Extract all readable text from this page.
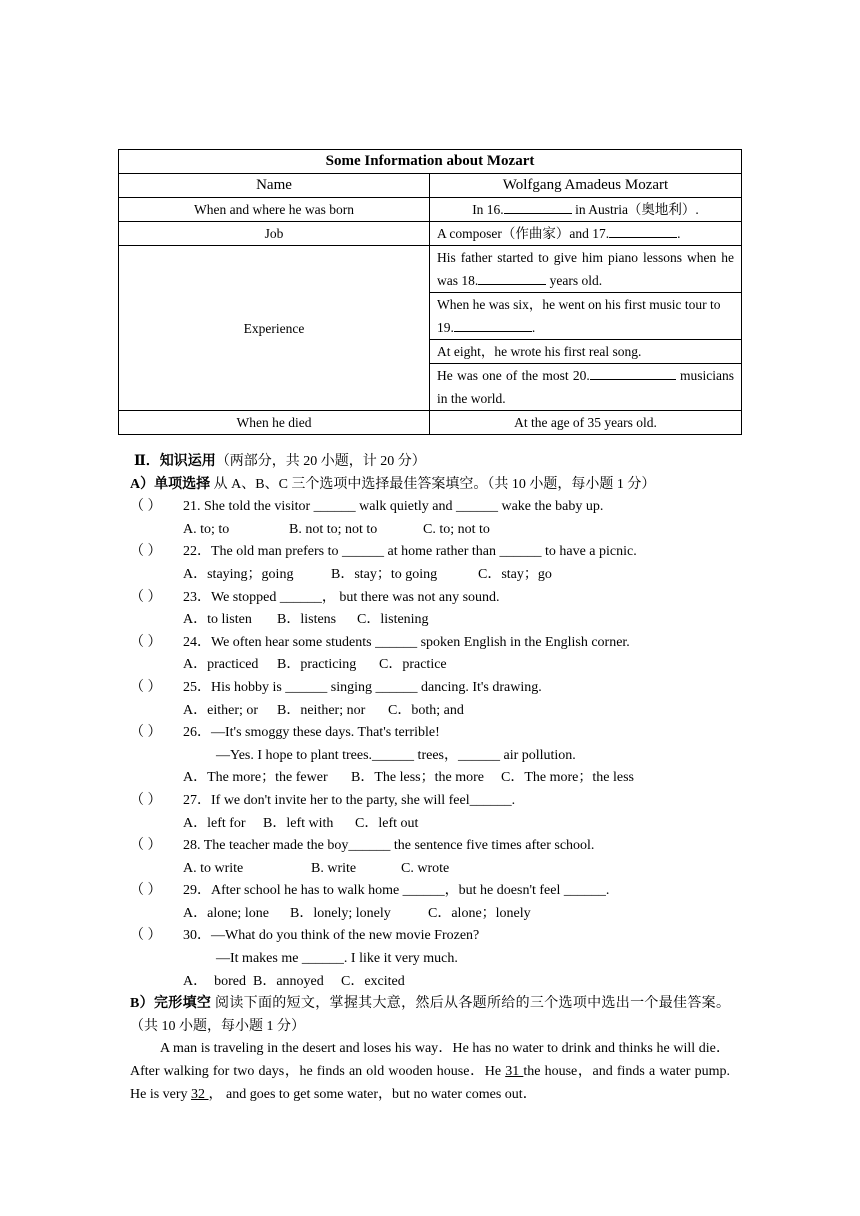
Some Information about Mozart	
Name	Wolfgang Amadeus Mozart
When and where he was born	In 16. in Austria（奥地利）.
Job	A composer（作曲家）and 17. .
Experience	His father started to give him piano lessons when he was 18. years old.
	When he was six，he went on his first music tour to 19. .
	At eight，he wrote his first real song.
	He was one of the most 20. musicians in the world.
When he died	At the age of 35 years old.
Ⅱ．知识运用（两部分，共 20 小题，计 20 分）
A）单项选择 从 A、B、C 三个选项中选择最佳答案填空。（共 10 小题，每小题 1 分）
（ ） 21. She told the visitor ______ walk quietly and ______ wake the baby up.
A. to; to	B. not to; not to	C. to; not to
（ ） 22．The old man prefers to ______ at home rather than ______ to have a picnic.
A．staying；going	B．stay；to going	C．stay；go
（ ） 23．We stopped ______， but there was not any sound.
A．to listen B．listens C．listening
（ ） 24．We often hear some students ______ spoken English in the English corner.
A．practiced B．practicing C．practice
（ ） 25．His hobby is ______ singing ______ dancing. It's drawing.
A．either; or B．neither; nor C．both; and
（ ） 26．—It's smoggy these days. That's terrible!
—Yes. I hope to plant trees.______ trees，______ air pollution.
A．The more；the fewer B．The less；the more C．The more；the less
（ ） 27．If we don't invite her to the party, she will feel______.
A．left for B．left with C．left out
（ ） 28. The teacher made the boy______ the sentence five times after school.
A. to write	B. write	C. wrote
（ ） 29．After school he has to walk home ______，but he doesn't feel ______.
A．alone; lone B．lonely; lonely	C．alone；lonely
（ ） 30．—What do you think of the new movie Frozen?
—It makes me ______. I like it very much.
A．  bored B．annoyed C．excited
B）完形填空 阅读下面的短文，掌握其大意，然后从各题所给的三个选项中选出一个最佳答案。（共 10 小题，每小题 1 分）
A man is traveling in the desert and loses his way．He has no water to drink and thinks he will die．After walking for two days，he finds an old wooden house．He 31 the house，and finds a water pump. He is very 32 ， and goes to get some water，but no water comes out．
